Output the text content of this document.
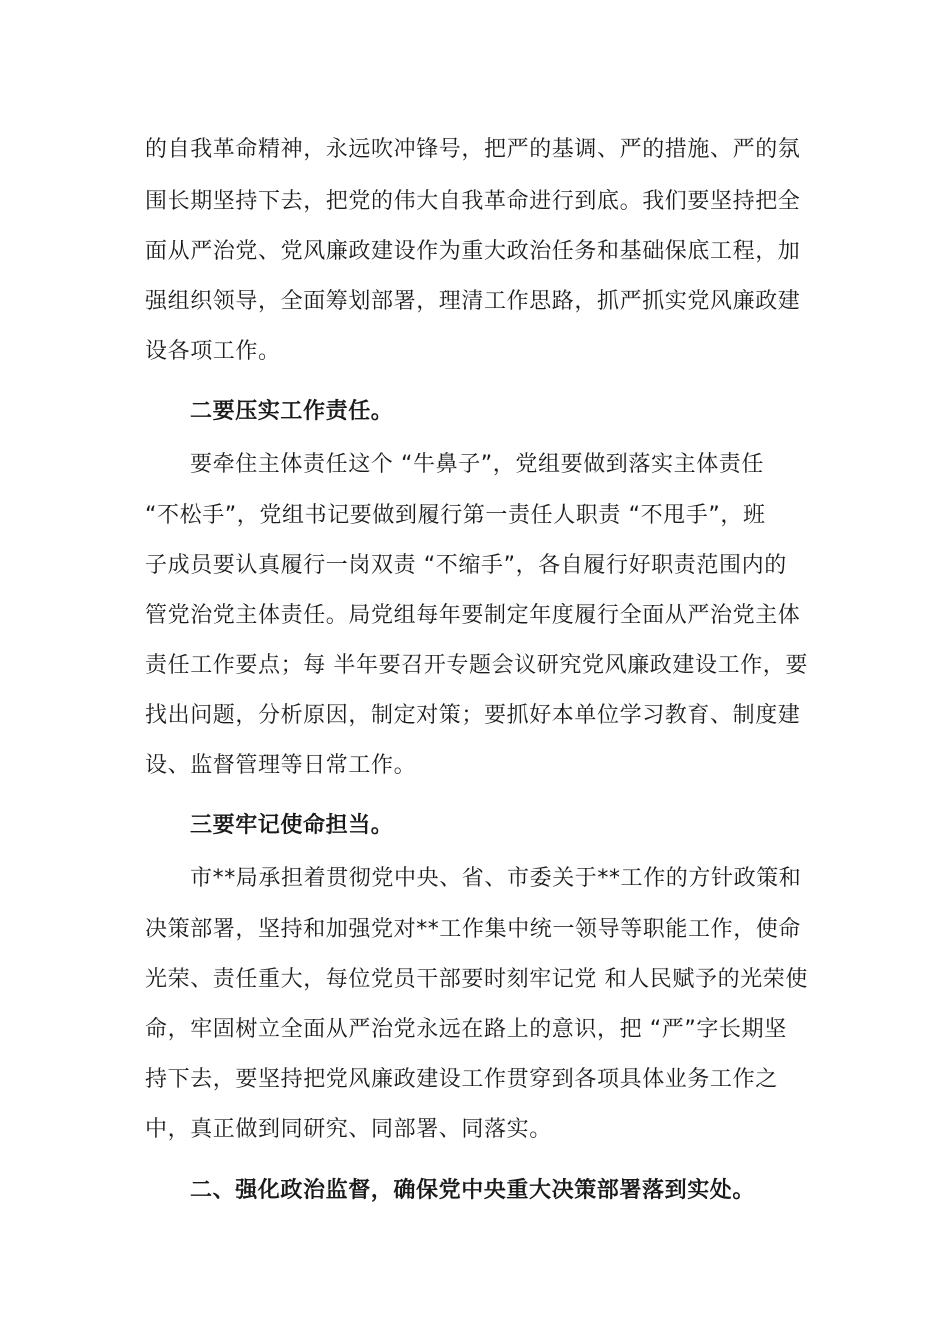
的自我革命精神，永远吹冲锋号，把严的基调、严的措施、严的氛
围长期坚持下去，把党的伟大自我革命进行到底。我们要坚持把全
面从严治党、党风廉政建设作为重大政治任务和基础保底工程，加
强组织领导，全面筹划部署，理清工作思路，抓严抓实党风廉政建
设各项工作。
二要压实工作责任。
要牵住主体责任这个 “牛鼻子”，党组要做到落实主体责任
“不松手”，党组书记要做到履行第一责任人职责 “不甩手”，班
子成员要认真履行一岗双责 “不缩手”，各自履行好职责范围内的
管党治党主体责任。局党组每年要制定年度履行全面从严治党主体
责任工作要点；每 半年要召开专题会议研究党风廉政建设工作，要
找出问题，分析原因，制定对策；要抓好本单位学习教育、制度建
设、监督管理等日常工作。
三要牢记使命担当。
市**局承担着贯彻党中央、省、市委关于**工作的方针政策和
决策部署，坚持和加强党对**工作集中统一领导等职能工作，使命
光荣、责任重大，每位党员干部要时刻牢记党 和人民赋予的光荣使
命，牢固树立全面从严治党永远在路上的意识，把 “严”字长期坚
持下去，要坚持把党风廉政建设工作贯穿到各项具体业务工作之
中，真正做到同研究、同部署、同落实。
二、强化政治监督，确保党中央重大决策部署落到实处。
